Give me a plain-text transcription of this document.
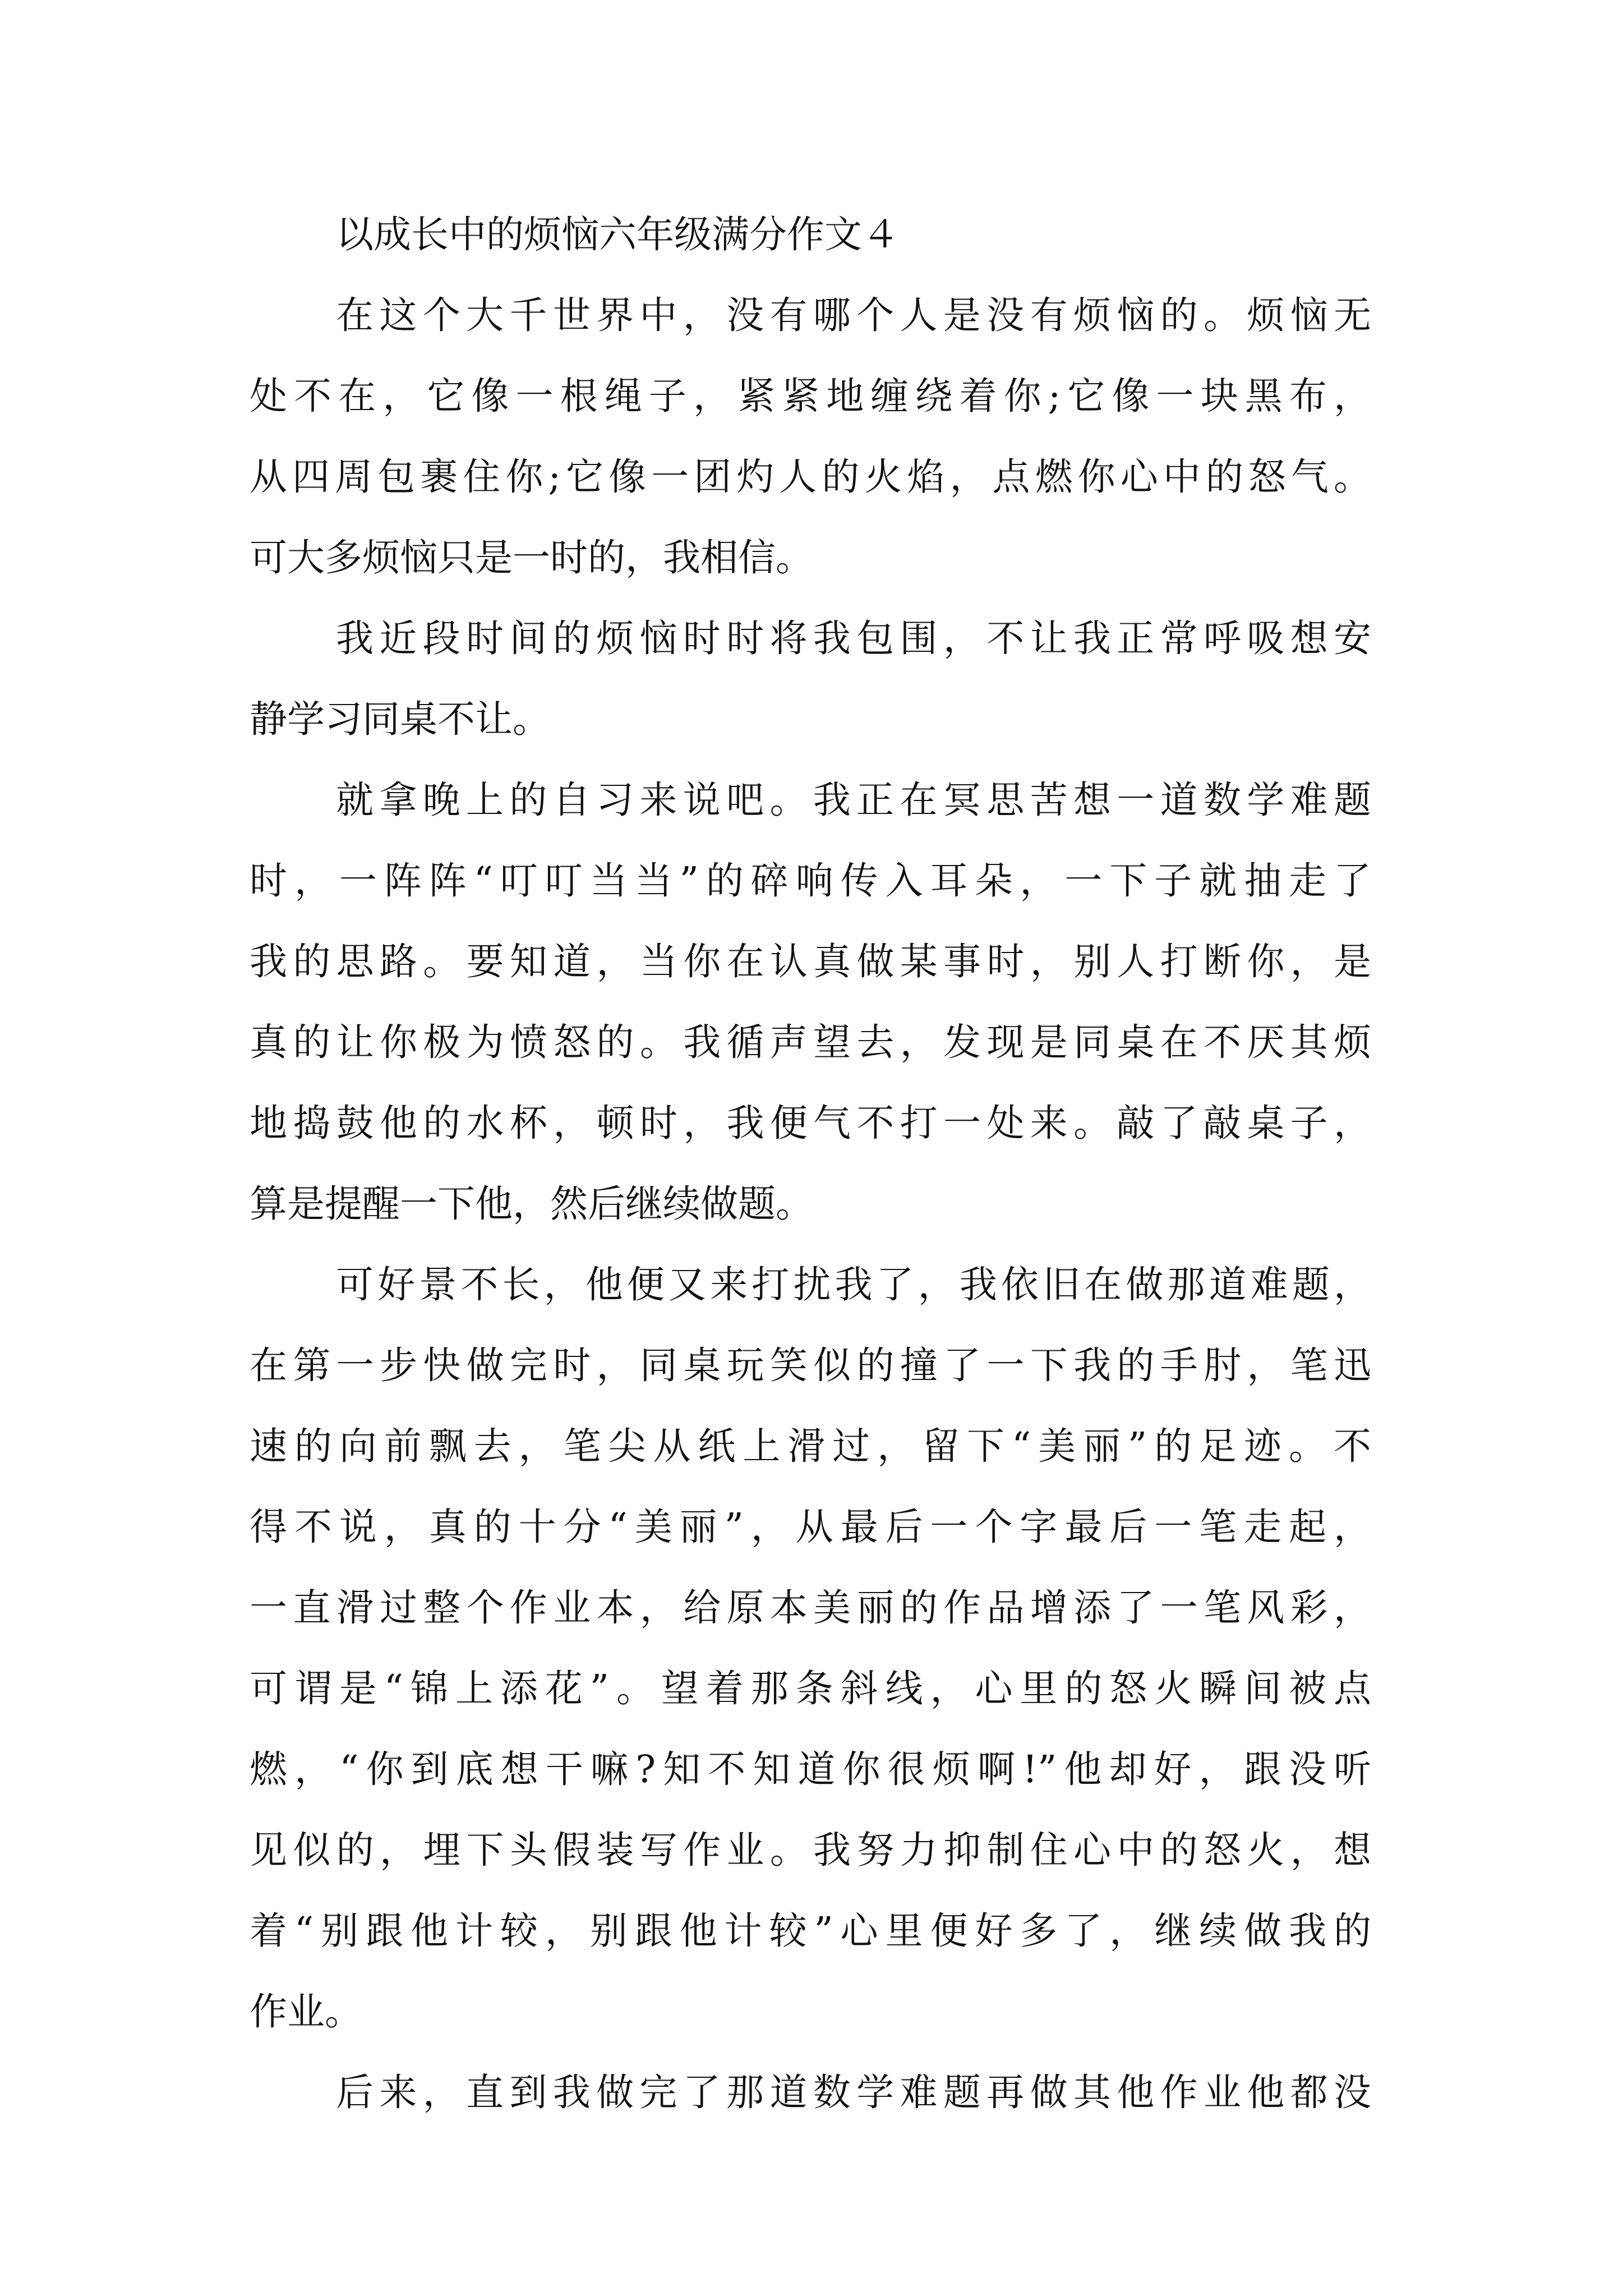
以成长中的烦恼六年级满分作文４
在这个大千世界中，没有哪个人是没有烦恼的。烦恼无
处不在，它像一根绳子，紧紧地缠绕着你;它像一块黑布，
从四周包裹住你;它像一团灼人的火焰，点燃你心中的怒气。
可大多烦恼只是一时的，我相信。
我近段时间的烦恼时时将我包围，不让我正常呼吸想安
静学习同桌不让。
就拿晚上的自习来说吧。我正在冥思苦想一道数学难题
时，一阵阵“叮叮当当”的碎响传入耳朵，一下子就抽走了
我的思路。要知道，当你在认真做某事时，别人打断你，是
真的让你极为愤怒的。我循声望去，发现是同桌在不厌其烦
地捣鼓他的水杯，顿时，我便气不打一处来。敲了敲桌子，
算是提醒一下他，然后继续做题。
可好景不长，他便又来打扰我了，我依旧在做那道难题，
在第一步快做完时，同桌玩笑似的撞了一下我的手肘，笔迅
速的向前飘去，笔尖从纸上滑过，留下“美丽”的足迹。不
得不说，真的十分“美丽”，从最后一个字最后一笔走起，
一直滑过整个作业本，给原本美丽的作品增添了一笔风彩，
可谓是“锦上添花”。望着那条斜线，心里的怒火瞬间被点
燃，“你到底想干嘛?知不知道你很烦啊!”他却好，跟没听
见似的，埋下头假装写作业。我努力抑制住心中的怒火，想
着“别跟他计较，别跟他计较”心里便好多了，继续做我的
作业。
后来，直到我做完了那道数学难题再做其他作业他都没
